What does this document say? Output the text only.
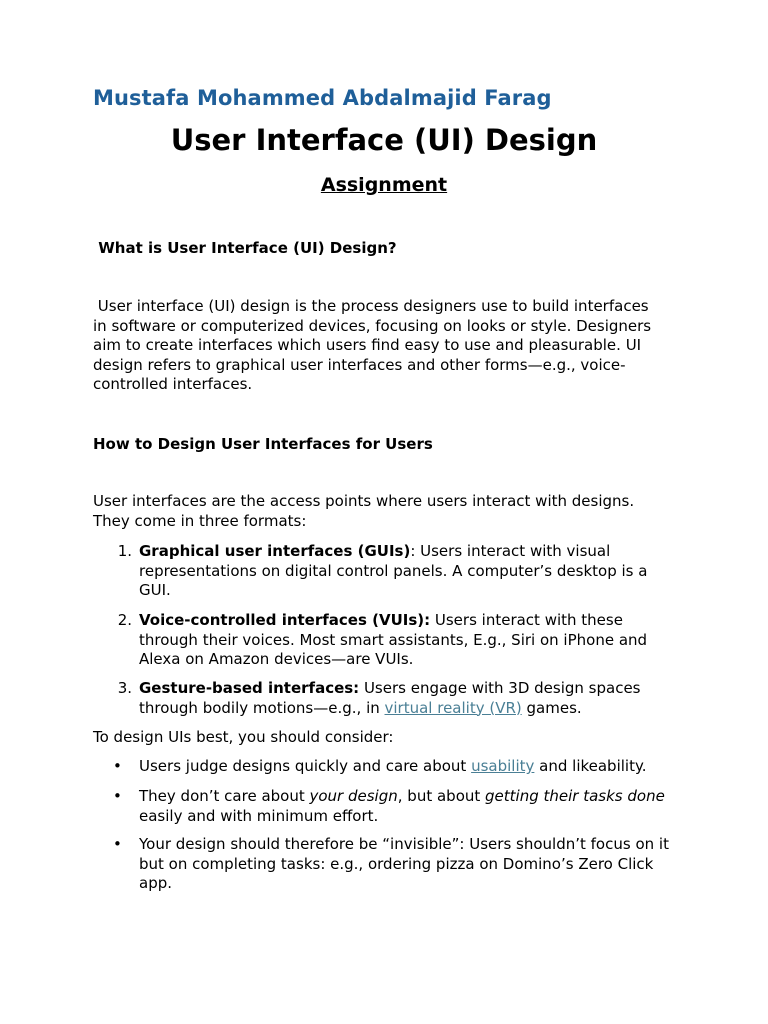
Mustafa Mohammed Abdalmajid Farag
User Interface (UI) Design
Assignment
What is User Interface (UI) Design?
User interface (UI) design is the process designers use to build interfaces
in software or computerized devices, focusing on looks or style. Designers
aim to create interfaces which users find easy to use and pleasurable. UI
design refers to graphical user interfaces and other forms—e.g., voice-
controlled interfaces.
How to Design User Interfaces for Users
User interfaces are the access points where users interact with designs.
They come in three formats:
1. Graphical user interfaces (GUIs): Users interact with visual representations on digital control panels. A computer’s desktop is a GUI.
2. Voice-controlled interfaces (VUIs): Users interact with these through their voices. Most smart assistants, E.g., Siri on iPhone and Alexa on Amazon devices—are VUIs.
3. Gesture-based interfaces: Users engage with 3D design spaces through bodily motions—e.g., in virtual reality (VR) games.
To design UIs best, you should consider:
• Users judge designs quickly and care about usability and likeability.
• They don’t care about your design, but about getting their tasks done easily and with minimum effort.
• Your design should therefore be “invisible”: Users shouldn’t focus on it but on completing tasks: e.g., ordering pizza on Domino’s Zero Click app.
